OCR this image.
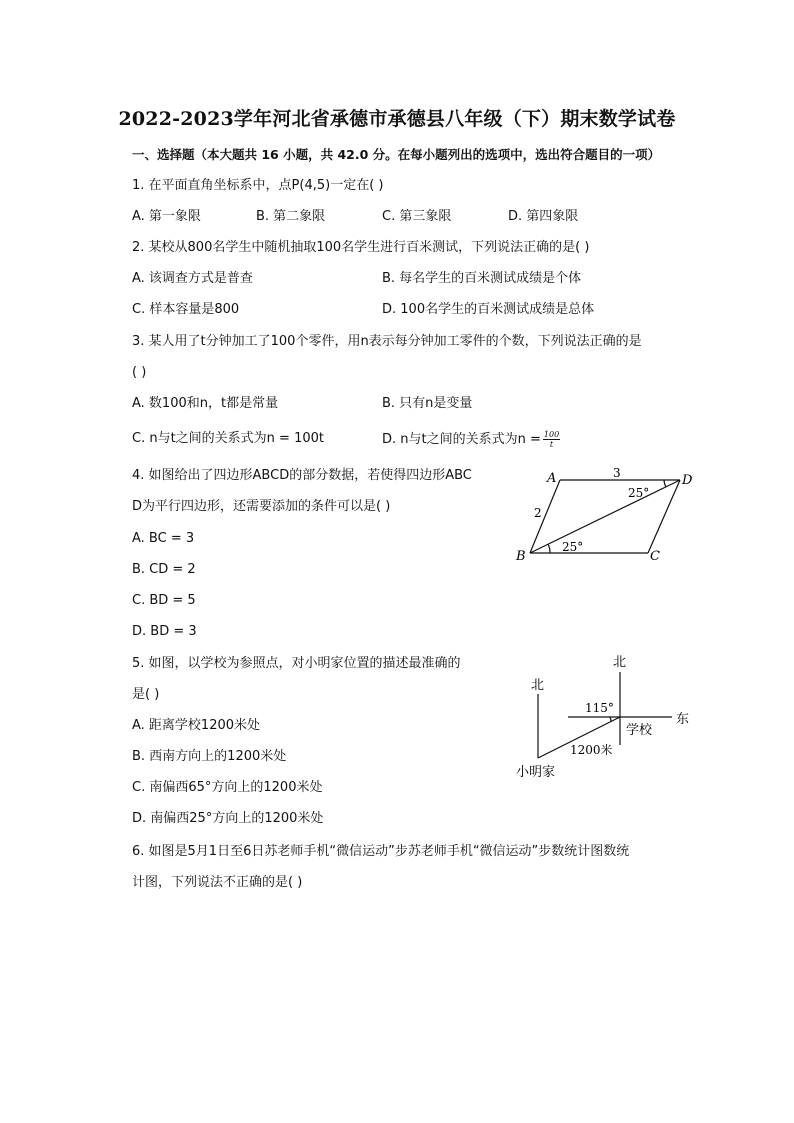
2022-2023学年河北省承德市承德县八年级（下）期末数学试卷
一、选择题（本大题共 16 小题，共 42.0 分。在每小题列出的选项中，选出符合题目的一项）
1. 在平面直角坐标系中，点P(4,5)一定在( )
A. 第一象限	B. 第二象限	C. 第三象限	D. 第四象限
2. 某校从800名学生中随机抽取100名学生进行百米测试，下列说法正确的是( )
A. 该调查方式是普查	B. 每名学生的百米测试成绩是个体
C. 样本容量是800	D. 100名学生的百米测试成绩是总体
3. 某人用了t分钟加工了100个零件，用n表示每分钟加工零件的个数，下列说法正确的是
( )
A. 数100和n，t都是常量	B. 只有n是变量
C. n与t之间的关系式为n = 100t	D. n与t之间的关系式为$n = \frac{100}{t}$
4. 如图给出了四边形ABCD的部分数据，若使得四边形ABC
D为平行四边形，还需要添加的条件可以是( )
A. BC = 3
B. CD = 2
C. BD = 5
D. BD = 3
A
B	C
D
3
2
25°
25°
5. 如图，以学校为参照点，对小明家位置的描述最准确的
是( )
A. 距离学校1200米处
B. 西南方向上的1200米处
C. 南偏西65°方向上的1200米处
D. 南偏西25°方向上的1200米处
北
北
东
115°
学校
1200米
小明家
6. 如图是5月1日至6日苏老师手机“微信运动”步苏老师手机“微信运动”步数统计图数统
计图，下列说法不正确的是( )
